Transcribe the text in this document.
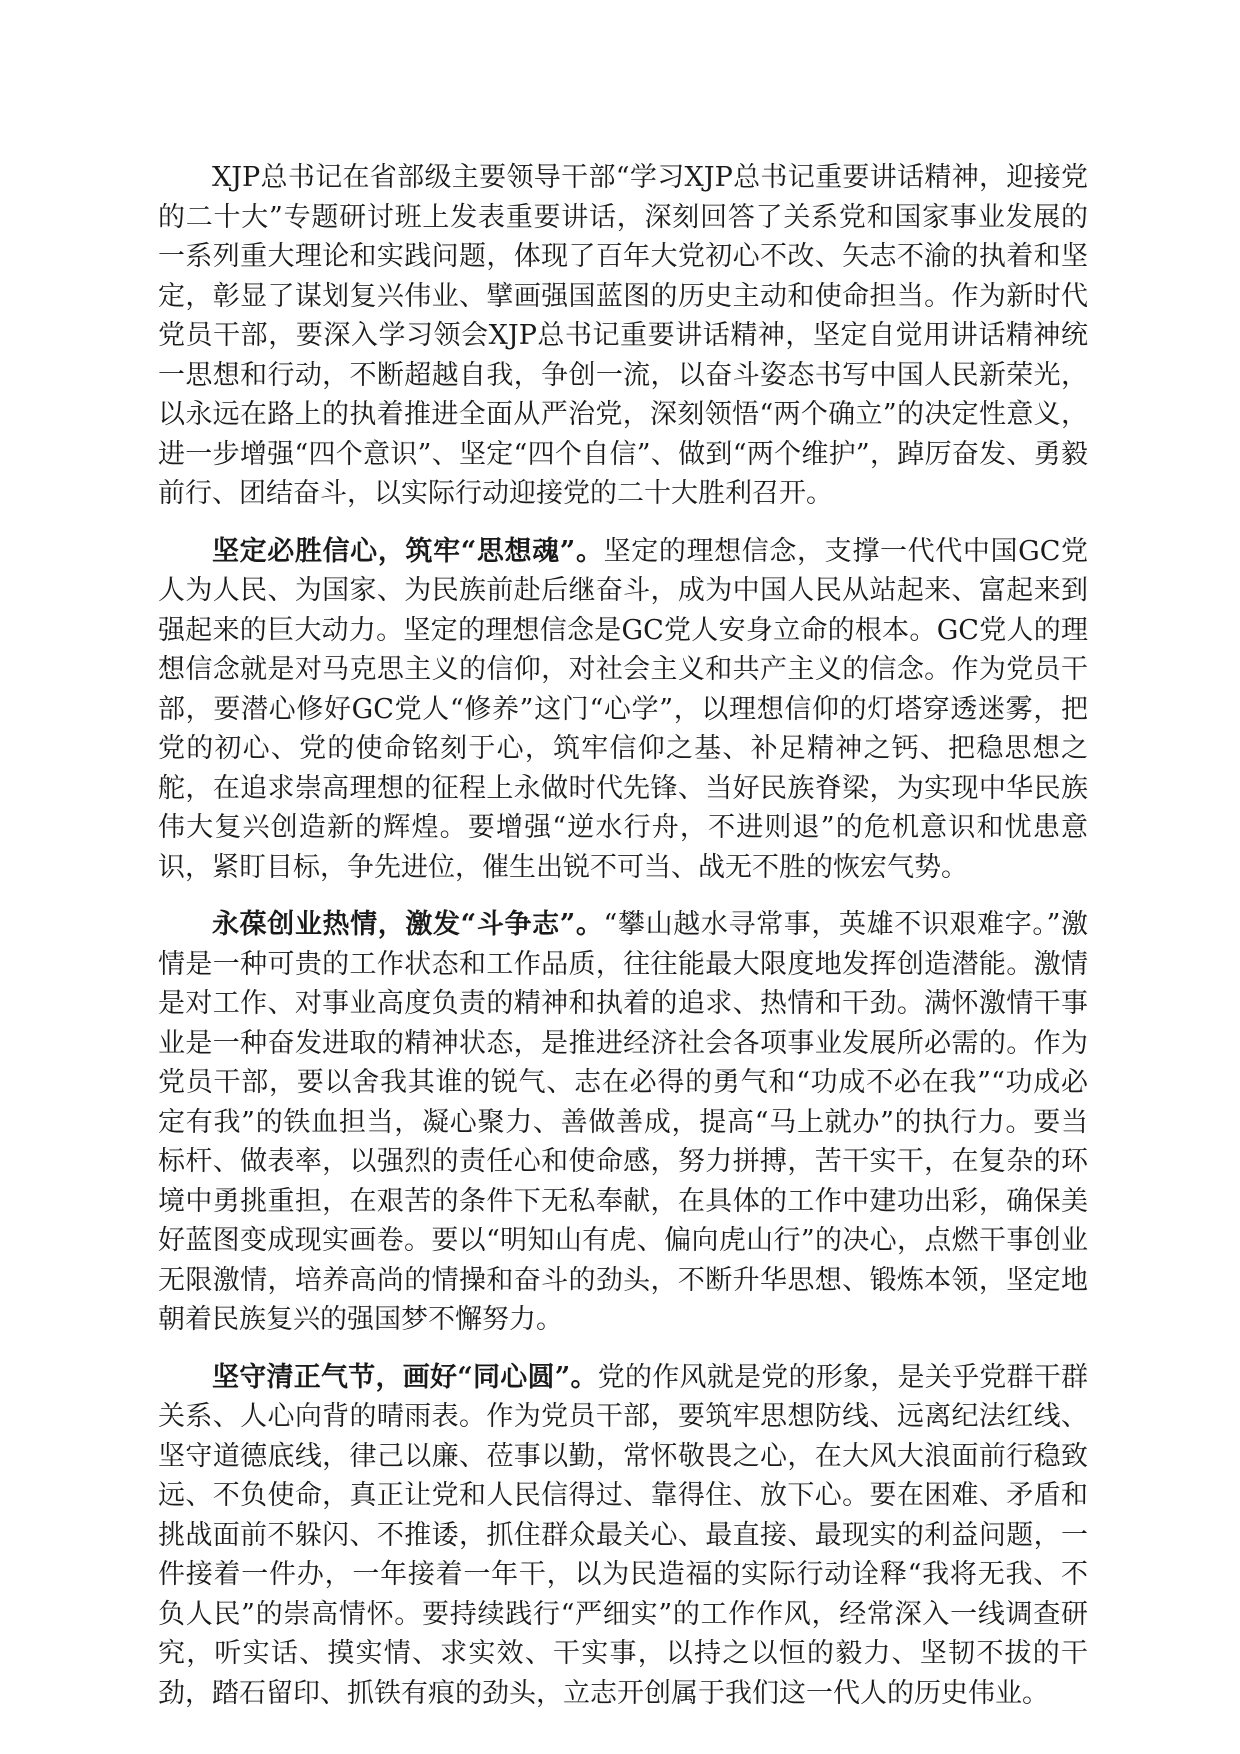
XJP总书记在省部级主要领导干部“学习XJP总书记重要讲话精神，迎接党的二十大”专题研讨班上发表重要讲话，深刻回答了关系党和国家事业发展的一系列重大理论和实践问题，体现了百年大党初心不改、矢志不渝的执着和坚定，彰显了谋划复兴伟业、擘画强国蓝图的历史主动和使命担当。作为新时代党员干部，要深入学习领会XJP总书记重要讲话精神，坚定自觉用讲话精神统一思想和行动，不断超越自我，争创一流，以奋斗姿态书写中国人民新荣光，以永远在路上的执着推进全面从严治党，深刻领悟“两个确立”的决定性意义，进一步增强“四个意识”、坚定“四个自信”、做到“两个维护”，踔厉奋发、勇毅前行、团结奋斗，以实际行动迎接党的二十大胜利召开。

坚定必胜信心，筑牢“思想魂”。坚定的理想信念，支撑一代代中国GC党人为人民、为国家、为民族前赴后继奋斗，成为中国人民从站起来、富起来到强起来的巨大动力。坚定的理想信念是GC党人安身立命的根本。GC党人的理想信念就是对马克思主义的信仰，对社会主义和共产主义的信念。作为党员干部，要潜心修好GC党人“修养”这门“心学”，以理想信仰的灯塔穿透迷雾，把党的初心、党的使命铭刻于心，筑牢信仰之基、补足精神之钙、把稳思想之舵，在追求崇高理想的征程上永做时代先锋、当好民族脊梁，为实现中华民族伟大复兴创造新的辉煌。要增强“逆水行舟，不进则退”的危机意识和忧患意识，紧盯目标，争先进位，催生出锐不可当、战无不胜的恢宏气势。

永葆创业热情，激发“斗争志”。“攀山越水寻常事，英雄不识艰难字。”激情是一种可贵的工作状态和工作品质，往往能最大限度地发挥创造潜能。激情是对工作、对事业高度负责的精神和执着的追求、热情和干劲。满怀激情干事业是一种奋发进取的精神状态，是推进经济社会各项事业发展所必需的。作为党员干部，要以舍我其谁的锐气、志在必得的勇气和“功成不必在我”“功成必定有我”的铁血担当，凝心聚力、善做善成，提高“马上就办”的执行力。要当标杆、做表率，以强烈的责任心和使命感，努力拼搏，苦干实干，在复杂的环境中勇挑重担，在艰苦的条件下无私奉献，在具体的工作中建功出彩，确保美好蓝图变成现实画卷。要以“明知山有虎、偏向虎山行”的决心，点燃干事创业无限激情，培养高尚的情操和奋斗的劲头，不断升华思想、锻炼本领，坚定地朝着民族复兴的强国梦不懈努力。

坚守清正气节，画好“同心圆”。党的作风就是党的形象，是关乎党群干群关系、人心向背的晴雨表。作为党员干部，要筑牢思想防线、远离纪法红线、坚守道德底线，律己以廉、莅事以勤，常怀敬畏之心，在大风大浪面前行稳致远、不负使命，真正让党和人民信得过、靠得住、放下心。要在困难、矛盾和挑战面前不躲闪、不推诿，抓住群众最关心、最直接、最现实的利益问题，一件接着一件办，一年接着一年干，以为民造福的实际行动诠释“我将无我、不负人民”的崇高情怀。要持续践行“严细实”的工作作风，经常深入一线调查研究，听实话、摸实情、求实效、干实事，以持之以恒的毅力、坚韧不拔的干劲，踏石留印、抓铁有痕的劲头，立志开创属于我们这一代人的历史伟业。
